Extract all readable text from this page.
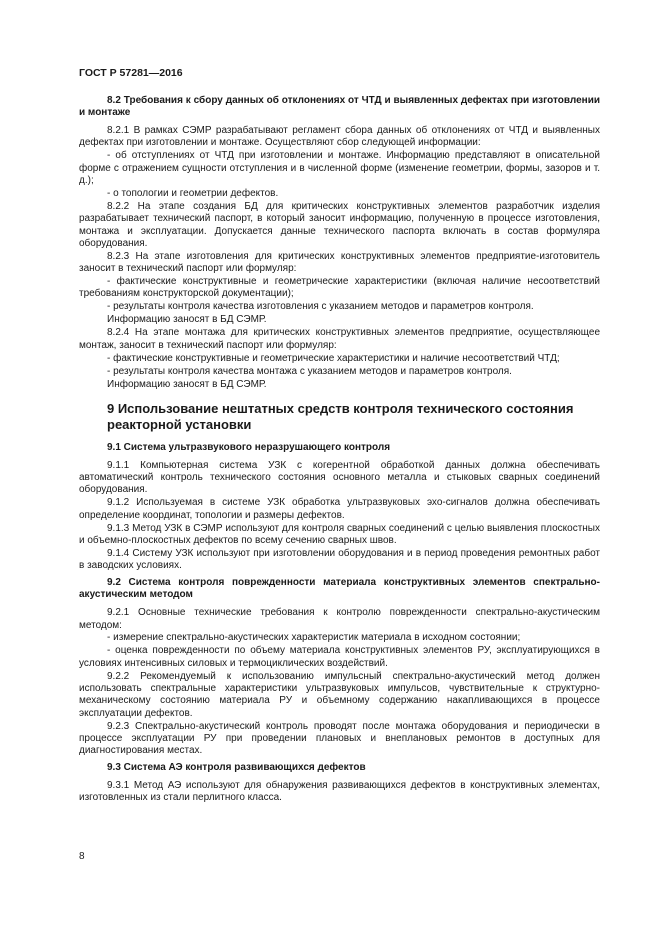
ГОСТ Р 57281—2016
8.2 Требования к сбору данных об отклонениях от ЧТД и выявленных дефектах при изготовлении и монтаже

8.2.1 В рамках СЭМР разрабатывают регламент сбора данных об отклонениях от ЧТД и выявленных дефектах при изготовлении и монтаже. Осуществляют сбор следующей информации:

- об отступлениях от ЧТД при изготовлении и монтаже. Информацию представляют в описательной форме с отражением сущности отступления и в численной форме (изменение геометрии, формы, зазоров и т. д.);

- о топологии и геометрии дефектов.

8.2.2 На этапе создания БД для критических конструктивных элементов разработчик изделия разрабатывает технический паспорт, в который заносит информацию, полученную в процессе изготовления, монтажа и эксплуатации. Допускается данные технического паспорта включать в состав формуляра оборудования.

8.2.3 На этапе изготовления для критических конструктивных элементов предприятие-изготовитель заносит в технический паспорт или формуляр:

- фактические конструктивные и геометрические характеристики (включая наличие несоответствий требованиям конструкторской документации);

- результаты контроля качества изготовления с указанием методов и параметров контроля.

Информацию заносят в БД СЭМР.

8.2.4 На этапе монтажа для критических конструктивных элементов предприятие, осуществляющее монтаж, заносит в технический паспорт или формуляр:

- фактические конструктивные и геометрические характеристики и наличие несоответствий ЧТД;

- результаты контроля качества монтажа с указанием методов и параметров контроля.

Информацию заносят в БД СЭМР.

9 Использование нештатных средств контроля технического состояния реакторной установки
9.1 Система ультразвукового неразрушающего контроля

9.1.1 Компьютерная система УЗК с когерентной обработкой данных должна обеспечивать автоматический контроль технического состояния основного металла и стыковых сварных соединений оборудования.

9.1.2 Используемая в системе УЗК обработка ультразвуковых эхо-сигналов должна обеспечивать определение координат, топологии и размеры дефектов.

9.1.3 Метод УЗК в СЭМР используют для контроля сварных соединений с целью выявления плоскостных и объемно-плоскостных дефектов по всему сечению сварных швов.

9.1.4 Систему УЗК используют при изготовлении оборудования и в период проведения ремонтных работ в заводских условиях.

9.2 Система контроля поврежденности материала конструктивных элементов спектрально-акустическим методом

9.2.1 Основные технические требования к контролю поврежденности спектрально-акустическим методом:

- измерение спектрально-акустических характеристик материала в исходном состоянии;

- оценка поврежденности по объему материала конструктивных элементов РУ, эксплуатирующихся в условиях интенсивных силовых и термоциклических воздействий.

9.2.2 Рекомендуемый к использованию импульсный спектрально-акустический метод должен использовать спектральные характеристики ультразвуковых импульсов, чувствительные к структурно-механическому состоянию материала РУ и объемному содержанию накапливающихся в процессе эксплуатации дефектов.

9.2.3 Спектрально-акустический контроль проводят после монтажа оборудования и периодически в процессе эксплуатации РУ при проведении плановых и внеплановых ремонтов в доступных для диагностирования местах.

9.3 Система АЭ контроля развивающихся дефектов

9.3.1 Метод АЭ используют для обнаружения развивающихся дефектов в конструктивных элементах, изготовленных из стали перлитного класса.

8
